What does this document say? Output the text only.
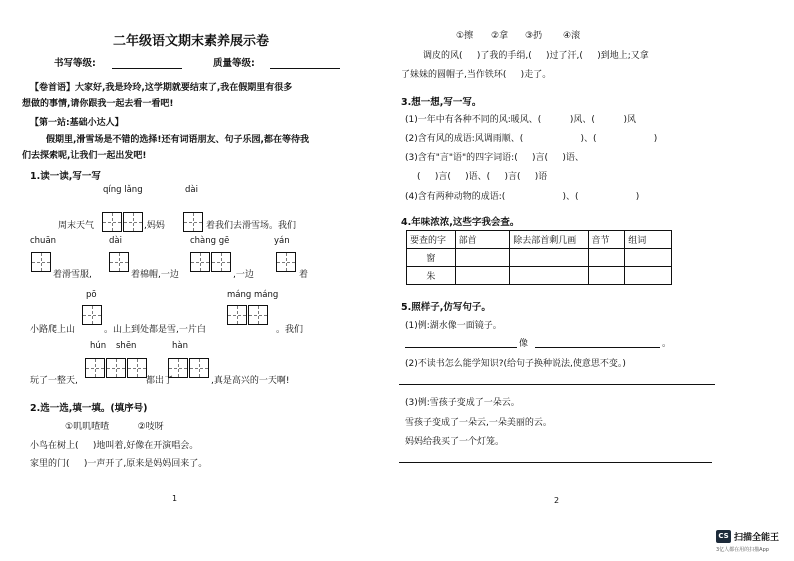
二年级语文期末素养展示卷
书写等级:	质量等级:
【卷首语】大家好,我是玲玲,这学期就要结束了,我在假期里有很多
想做的事情,请你跟我一起去看一看吧!
【第一站:基础小达人】
假期里,滑雪场是不错的选择!还有词语朋友、句子乐园,都在等待我
们去探索呢,让我们一起出发吧!
1.读一读,写一写
qíng lǎng	dài
周末天气	,妈妈	着我们去滑雪场。我们
chuān	dài	chàng gē	yán
着滑雪服,	着棉帽,一边	,一边	着
pō	máng máng
小路爬上山	。山上到处都是雪,一片白	。我们
hún shēn	hàn
玩了一整天,	都出了	,真是高兴的一天啊!
2.选一选,填一填。(填序号)
①叽叽喳喳          ②吱呀
小鸟在树上(     )地叫着,好像在开演唱会。
家里的门(     )一声开了,原来是妈妈回来了。
1
①擦 ②拿 ③扔 ④滚
调皮的风(     )了我的手绢,(     )过了汗,(     )到地上;又拿
了妹妹的圆帽子,当作铁环(     )走了。
3.想一想,写一写。
(1)一年中有各种不同的风:暖风、(          )风、(          )风
(2)含有风的成语:风调雨顺、(                    )、(                    )
(3)含有"言"语"的四字词语:(     )言(     )语、
(     )言(     )语、(     )言(     )语
(4)含有两种动物的成语:(                    )、(                    )
4.年味浓浓,这些字我会查。
要查的字	部首	除去部首剩几画	音节	组词
窗				
朱				
5.照样子,仿写句子。
(1)例:湖水像一面镜子。
像	。
(2)不读书怎么能学知识?(给句子换种说法,使意思不变。)
(3)例:雪孩子变成了一朵云。
雪孩子变成了一朵云,一朵美丽的云。
妈妈给我买了一个灯笼。
2
CS 扫描全能王
3亿人都在用的扫描App
